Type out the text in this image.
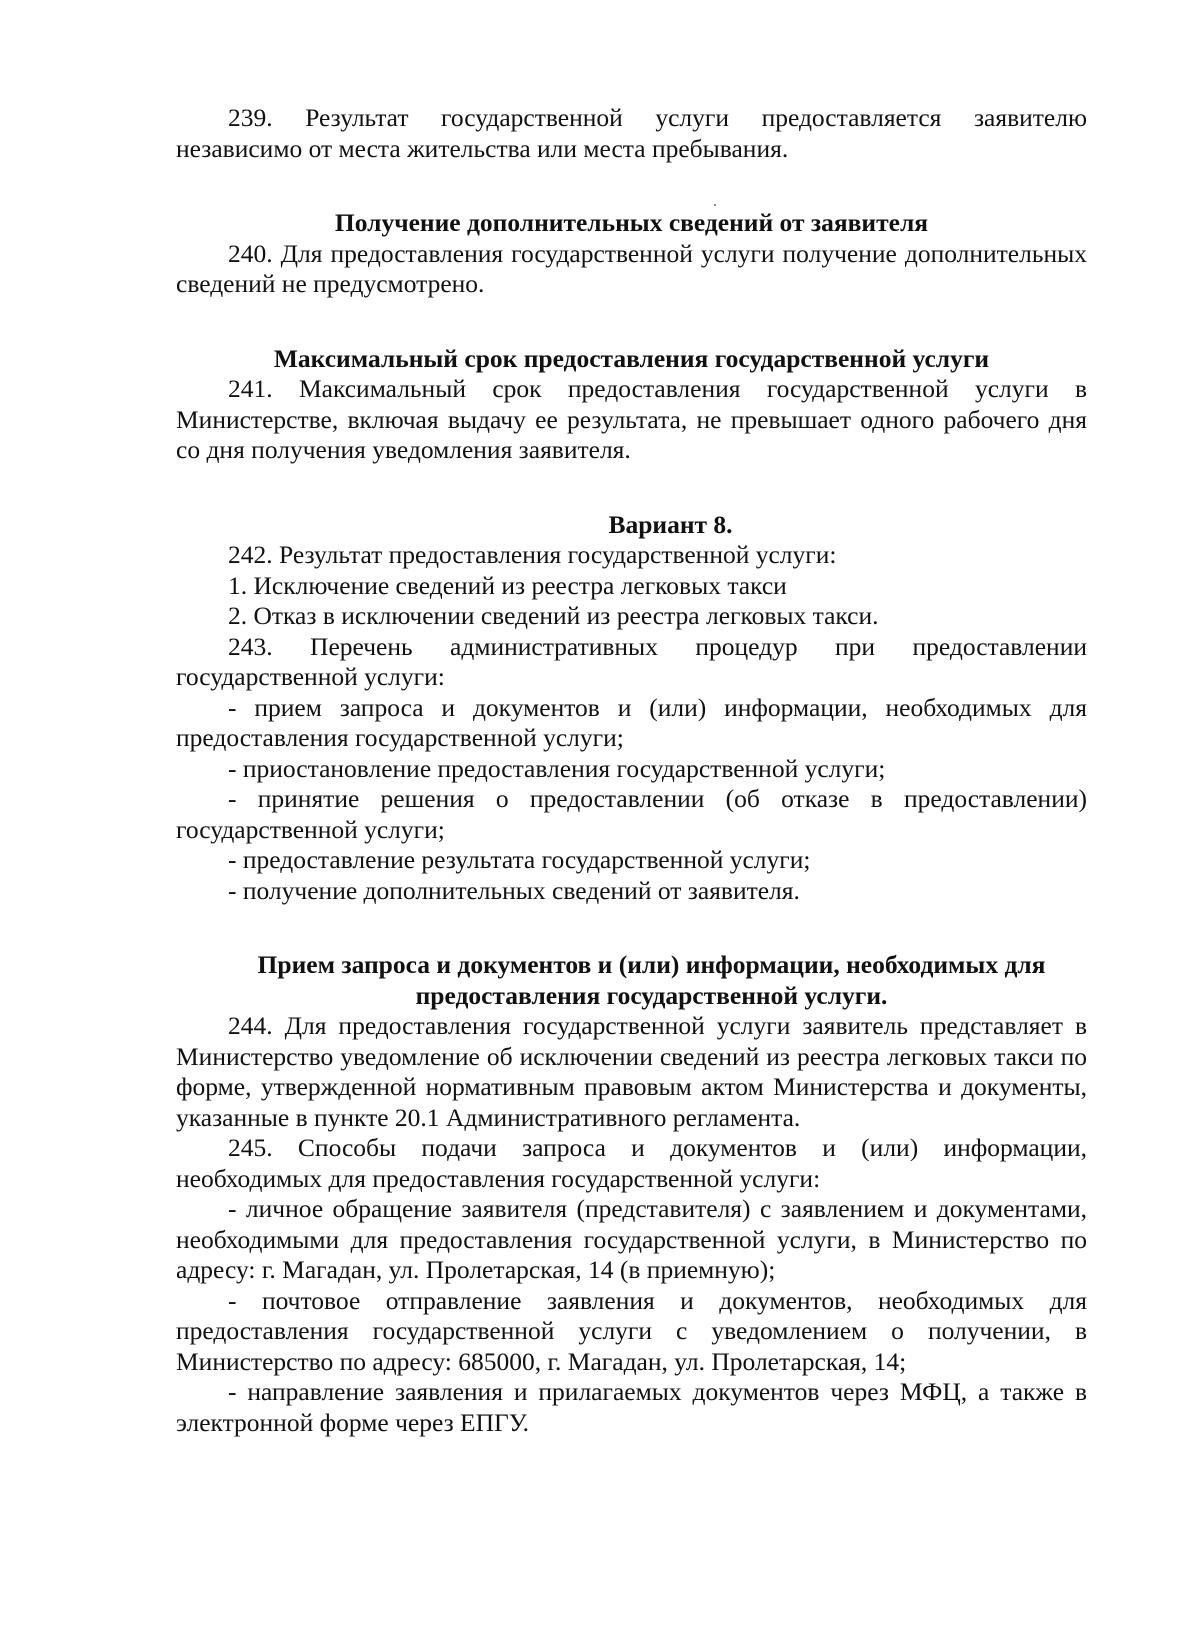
239. Результат государственной услуги предоставляется заявителю независимо от места жительства или места пребывания.

Получение дополнительных сведений от заявителя

240. Для предоставления государственной услуги получение дополнительных сведений не предусмотрено.

Максимальный срок предоставления государственной услуги

241. Максимальный срок предоставления государственной услуги в Министерстве, включая выдачу ее результата, не превышает одного рабочего дня со дня получения уведомления заявителя.

Вариант 8.

242. Результат предоставления государственной услуги:

1. Исключение сведений из реестра легковых такси

2. Отказ в исключении сведений из реестра легковых такси.

243. Перечень административных процедур при предоставлении государственной услуги:

- прием запроса и документов и (или) информации, необходимых для предоставления государственной услуги;

- приостановление предоставления государственной услуги;

- принятие решения о предоставлении (об отказе в предоставлении) государственной услуги;

- предоставление результата государственной услуги;

- получение дополнительных сведений от заявителя.

Прием запроса и документов и (или) информации, необходимых для предоставления государственной услуги.

244. Для предоставления государственной услуги заявитель представляет в Министерство уведомление об исключении сведений из реестра легковых такси по форме, утвержденной нормативным правовым актом Министерства и документы, указанные в пункте 20.1 Административного регламента.

245. Способы подачи запроса и документов и (или) информации, необходимых для предоставления государственной услуги:

- личное обращение заявителя (представителя) с заявлением и документами, необходимыми для предоставления государственной услуги, в Министерство по адресу: г. Магадан, ул. Пролетарская, 14 (в приемную);

- почтовое отправление заявления и документов, необходимых для предоставления государственной услуги с уведомлением о получении, в Министерство по адресу: 685000, г. Магадан, ул. Пролетарская, 14;

- направление заявления и прилагаемых документов через МФЦ, а также в электронной форме через ЕПГУ.
